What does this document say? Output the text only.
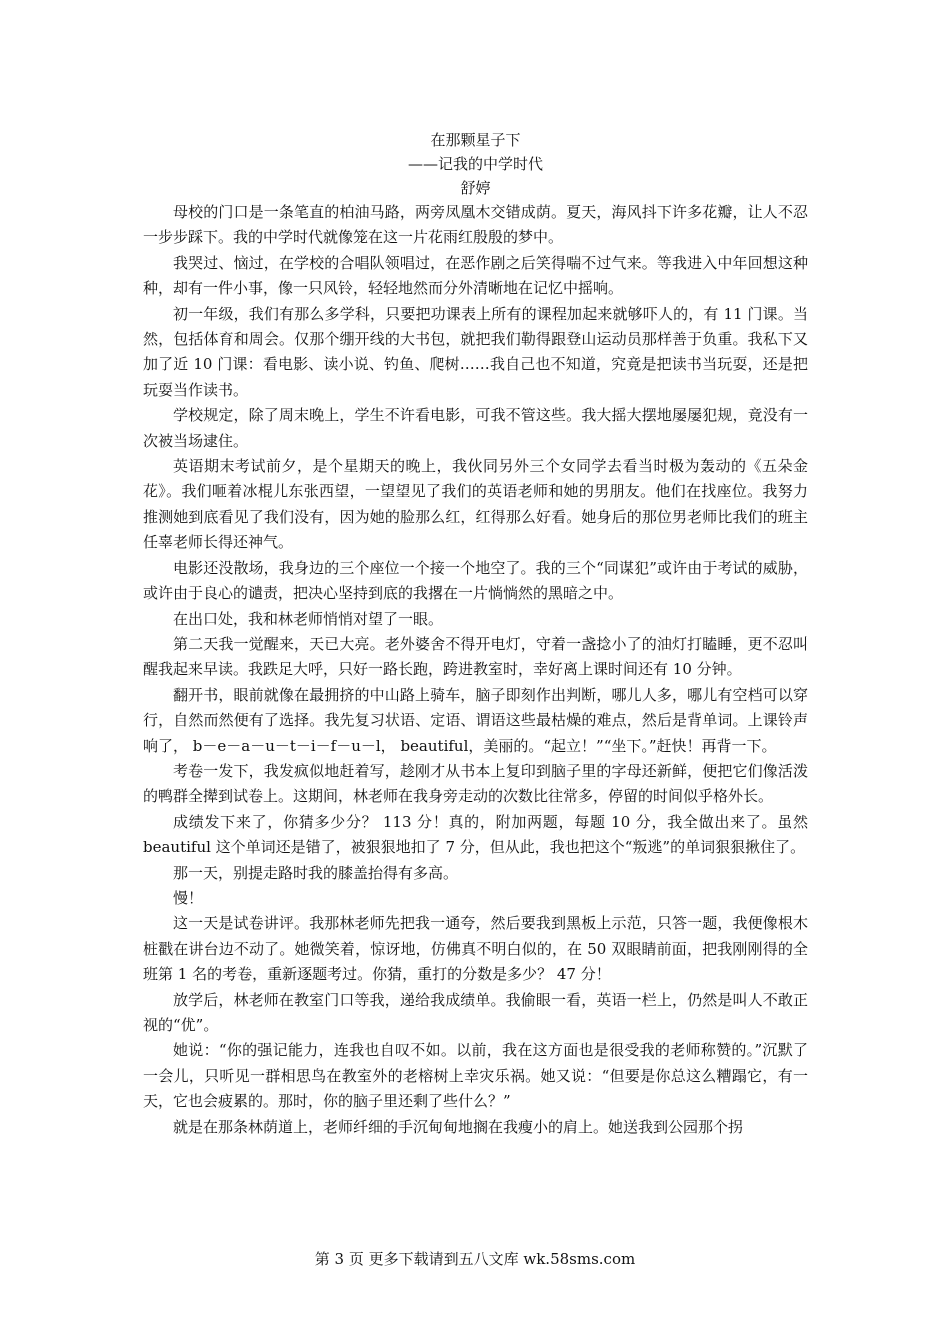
在那颗星子下
——记我的中学时代
舒婷

母校的门口是一条笔直的柏油马路，两旁凤凰木交错成荫。夏天，海风抖下许多花瓣，让人不忍一步步踩下。我的中学时代就像笼在这一片花雨红殷殷的梦中。

我哭过、恼过，在学校的合唱队领唱过，在恶作剧之后笑得喘不过气来。等我进入中年回想这种种，却有一件小事，像一只风铃，轻轻地然而分外清晰地在记忆中摇响。

初一年级，我们有那么多学科，只要把功课表上所有的课程加起来就够吓人的，有 11 门课。当然，包括体育和周会。仅那个绷开线的大书包，就把我们勒得跟登山运动员那样善于负重。我私下又加了近 10 门课：看电影、读小说、钓鱼、爬树……我自己也不知道，究竟是把读书当玩耍，还是把玩耍当作读书。

学校规定，除了周末晚上，学生不许看电影，可我不管这些。我大摇大摆地屡屡犯规，竟没有一次被当场逮住。

英语期末考试前夕，是个星期天的晚上，我伙同另外三个女同学去看当时极为轰动的《五朵金花》。我们咂着冰棍儿东张西望，一望望见了我们的英语老师和她的男朋友。他们在找座位。我努力推测她到底看见了我们没有，因为她的脸那么红，红得那么好看。她身后的那位男老师比我们的班主任辜老师长得还神气。

电影还没散场，我身边的三个座位一个接一个地空了。我的三个“同谋犯”或许由于考试的威胁，或许由于良心的谴责，把决心坚持到底的我撂在一片惝惝然的黑暗之中。

在出口处，我和林老师悄悄对望了一眼。

第二天我一觉醒来，天已大亮。老外婆舍不得开电灯，守着一盏捻小了的油灯打瞌睡，更不忍叫醒我起来早读。我跌足大呼，只好一路长跑，跨进教室时，幸好离上课时间还有 10 分钟。

翻开书，眼前就像在最拥挤的中山路上骑车，脑子即刻作出判断，哪儿人多，哪儿有空档可以穿行，自然而然便有了选择。我先复习状语、定语、谓语这些最枯燥的难点，然后是背单词。上课铃声响了， b－e－a－u－t－i－f－u－l， beautiful，美丽的。“起立！”“坐下。”赶快！再背一下。

考卷一发下，我发疯似地赶着写，趁刚才从书本上复印到脑子里的字母还新鲜，便把它们像活泼的鸭群全撵到试卷上。这期间，林老师在我身旁走动的次数比往常多，停留的时间似乎格外长。

成绩发下来了，你猜多少分？ 113 分！真的，附加两题，每题 10 分，我全做出来了。虽然 beautiful 这个单词还是错了，被狠狠地扣了 7 分，但从此，我也把这个“叛逃”的单词狠狠揪住了。

那一天，别提走路时我的膝盖抬得有多高。

慢！

这一天是试卷讲评。我那林老师先把我一通夸，然后要我到黑板上示范，只答一题，我便像根木桩戳在讲台边不动了。她微笑着，惊讶地，仿佛真不明白似的，在 50 双眼睛前面，把我刚刚得的全班第 1 名的考卷，重新逐题考过。你猜，重打的分数是多少？ 47 分！

放学后，林老师在教室门口等我，递给我成绩单。我偷眼一看，英语一栏上，仍然是叫人不敢正视的“优”。

她说：“你的强记能力，连我也自叹不如。以前，我在这方面也是很受我的老师称赞的。”沉默了一会儿，只听见一群相思鸟在教室外的老榕树上幸灾乐祸。她又说：“但要是你总这么糟蹋它，有一天，它也会疲累的。那时，你的脑子里还剩了些什么？”

就是在那条林荫道上，老师纤细的手沉甸甸地搁在我瘦小的肩上。她送我到公园那个拐

第 3 页 更多下载请到五八文库 wk.58sms.com
